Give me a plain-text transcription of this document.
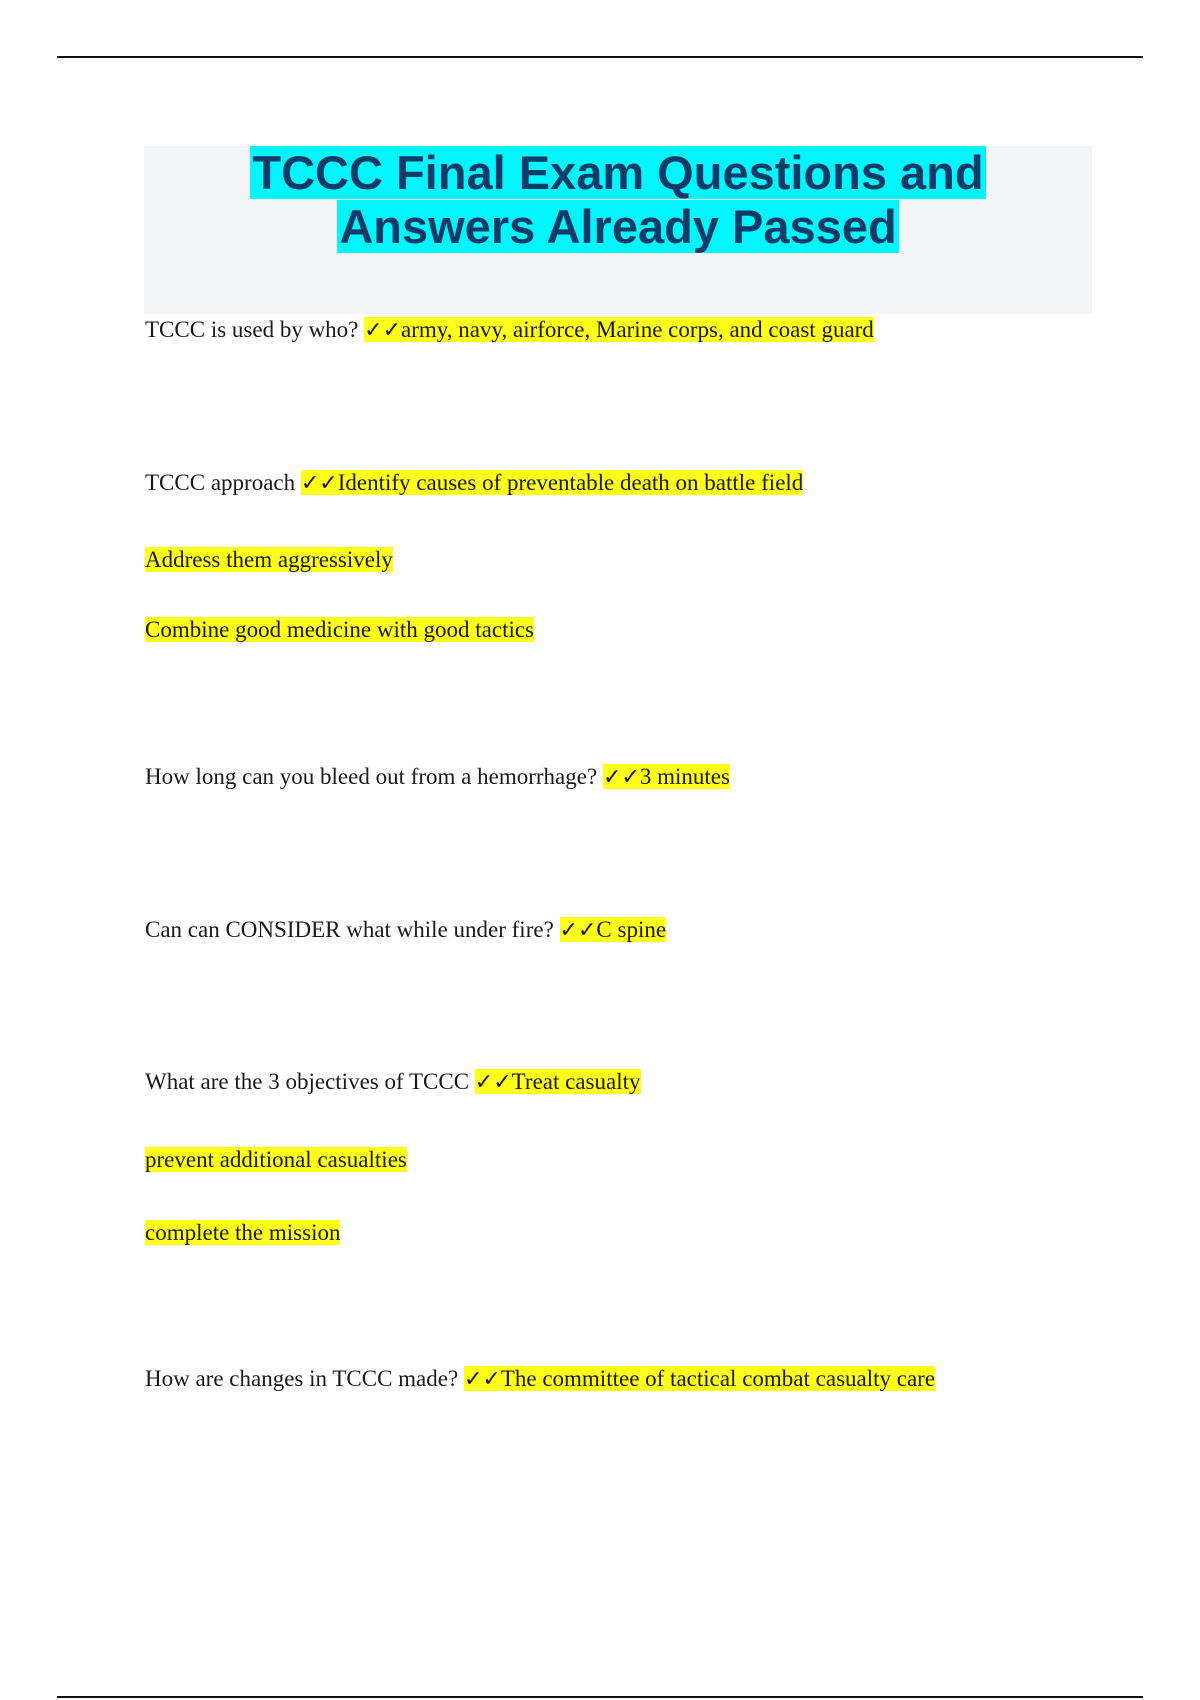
TCCC Final Exam Questions and
Answers Already Passed

TCCC is used by who? ✓✓army, navy, airforce, Marine corps, and coast guard

TCCC approach ✓✓Identify causes of preventable death on battle field

Address them aggressively

Combine good medicine with good tactics

How long can you bleed out from a hemorrhage? ✓✓3 minutes

Can can CONSIDER what while under fire? ✓✓C spine

What are the 3 objectives of TCCC ✓✓Treat casualty

prevent additional casualties

complete the mission

How are changes in TCCC made? ✓✓The committee of tactical combat casualty care
